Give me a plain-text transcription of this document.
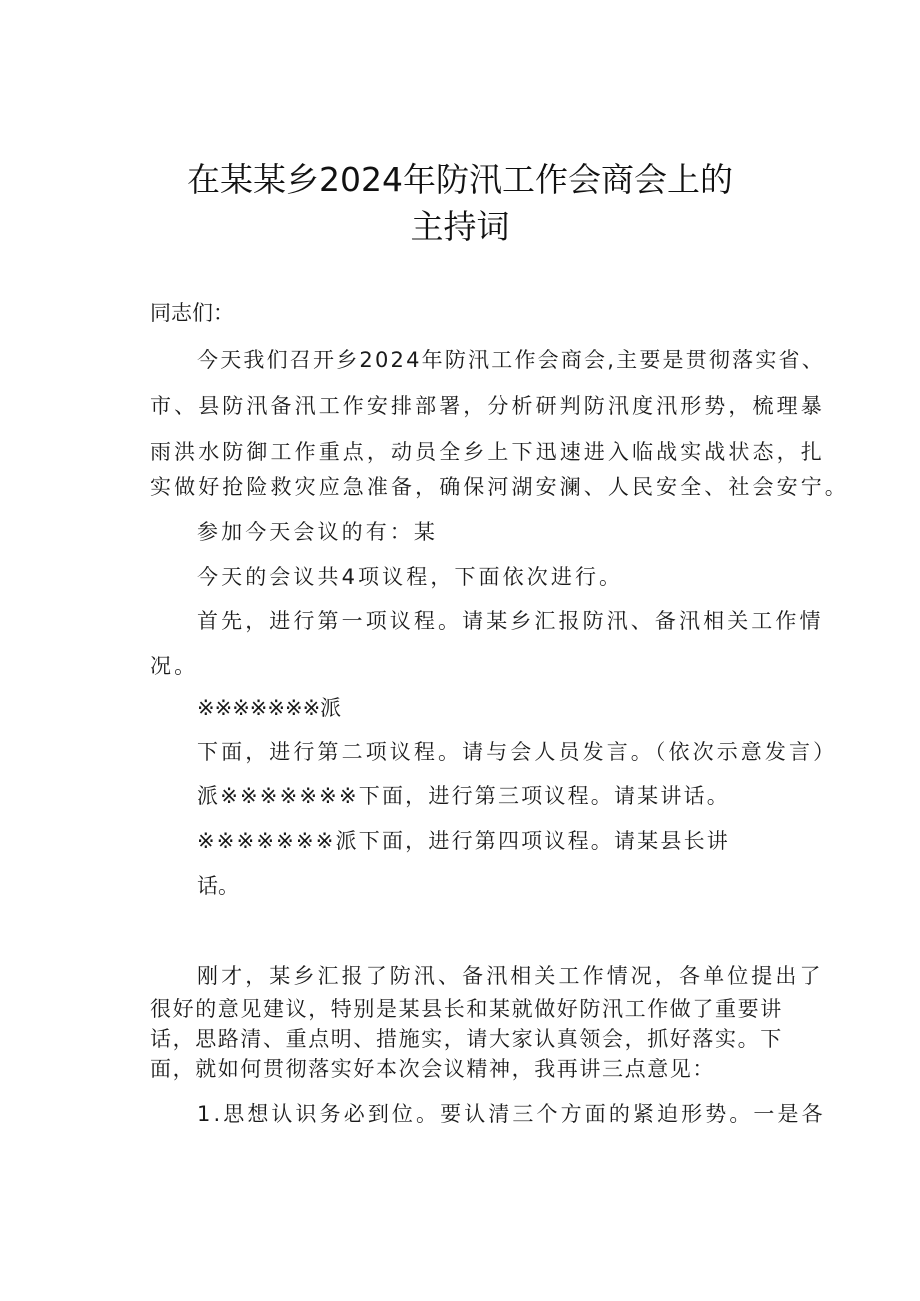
在某某乡2024年防汛工作会商会上的
主持词
同志们：
今天我们召开乡2024年防汛工作会商会,主要是贯彻落实省、
市、县防汛备汛工作安排部署，分析研判防汛度汛形势，梳理暴
雨洪水防御工作重点，动员全乡上下迅速进入临战实战状态，扎
实做好抢险救灾应急准备，确保河湖安澜、人民安全、社会安宁。
参加今天会议的有：某
今天的会议共4项议程，下面依次进行。
首先，进行第一项议程。请某乡汇报防汛、备汛相关工作情
况。
※※※※※※※派
下面，进行第二项议程。请与会人员发言。（依次示意发言）
派※※※※※※※下面，进行第三项议程。请某讲话。
※※※※※※※派下面，进行第四项议程。请某县长讲
话。
刚才，某乡汇报了防汛、备汛相关工作情况，各单位提出了
很好的意见建议，特别是某县长和某就做好防汛工作做了重要讲
话，思路清、重点明、措施实，请大家认真领会，抓好落实。下
面，就如何贯彻落实好本次会议精神，我再讲三点意见：
1.思想认识务必到位。要认清三个方面的紧迫形势。一是各
